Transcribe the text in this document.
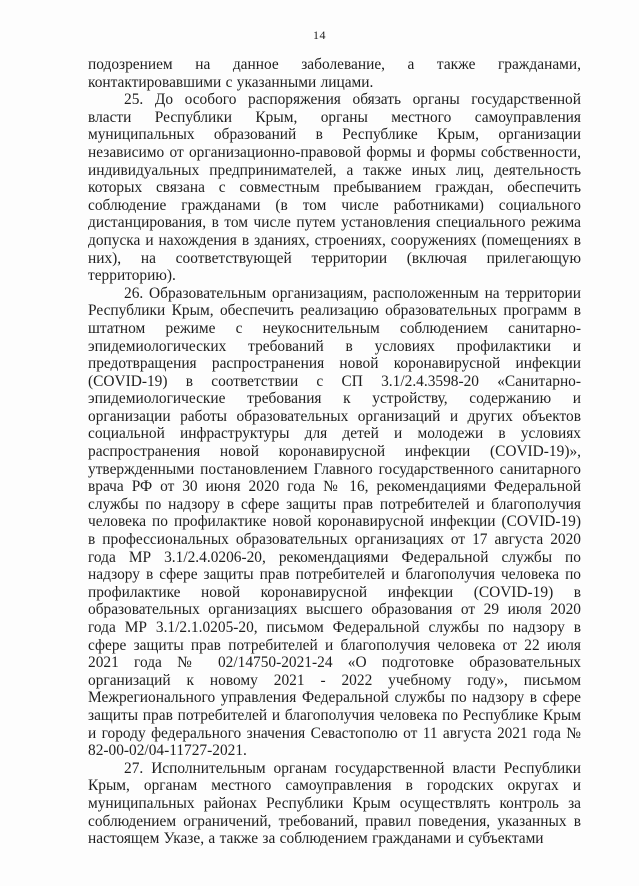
14

подозрением на данное заболевание, а также гражданами, контактировавшими с указанными лицами.

25. До особого распоряжения обязать органы государственной власти Республики Крым, органы местного самоуправления муниципальных образований в Республике Крым, организации независимо от организационно-правовой формы и формы собственности, индивидуальных предпринимателей, а также иных лиц, деятельность которых связана с совместным пребыванием граждан, обеспечить соблюдение гражданами (в том числе работниками) социального дистанцирования, в том числе путем установления специального режима допуска и нахождения в зданиях, строениях, сооружениях (помещениях в них), на соответствующей территории (включая прилегающую территорию).

26. Образовательным организациям, расположенным на территории Республики Крым, обеспечить реализацию образовательных программ в штатном режиме с неукоснительным соблюдением санитарно-эпидемиологических требований в условиях профилактики и предотвращения распространения новой коронавирусной инфекции (COVID-19) в соответствии с СП 3.1/2.4.3598-20 «Санитарно-эпидемиологические требования к устройству, содержанию и организации работы образовательных организаций и других объектов социальной инфраструктуры для детей и молодежи в условиях распространения новой коронавирусной инфекции (COVID-19)», утвержденными постановлением Главного государственного санитарного врача РФ от 30 июня 2020 года № 16, рекомендациями Федеральной службы по надзору в сфере защиты прав потребителей и благополучия человека по профилактике новой коронавирусной инфекции (COVID-19) в профессиональных образовательных организациях от 17 августа 2020 года МР 3.1/2.4.0206-20, рекомендациями Федеральной службы по надзору в сфере защиты прав потребителей и благополучия человека по профилактике новой коронавирусной инфекции (COVID-19) в образовательных организациях высшего образования от 29 июля 2020 года МР 3.1/2.1.0205-20, письмом Федеральной службы по надзору в сфере защиты прав потребителей и благополучия человека от 22 июля 2021 года № 02/14750-2021-24 «О подготовке образовательных организаций к новому 2021 - 2022 учебному году», письмом Межрегионального управления Федеральной службы по надзору в сфере защиты прав потребителей и благополучия человека по Республике Крым и городу федерального значения Севастополю от 11 августа 2021 года № 82-00-02/04-11727-2021.

27. Исполнительным органам государственной власти Республики Крым, органам местного самоуправления в городских округах и муниципальных районах Республики Крым осуществлять контроль за соблюдением ограничений, требований, правил поведения, указанных в настоящем Указе, а также за соблюдением гражданами и субъектами
